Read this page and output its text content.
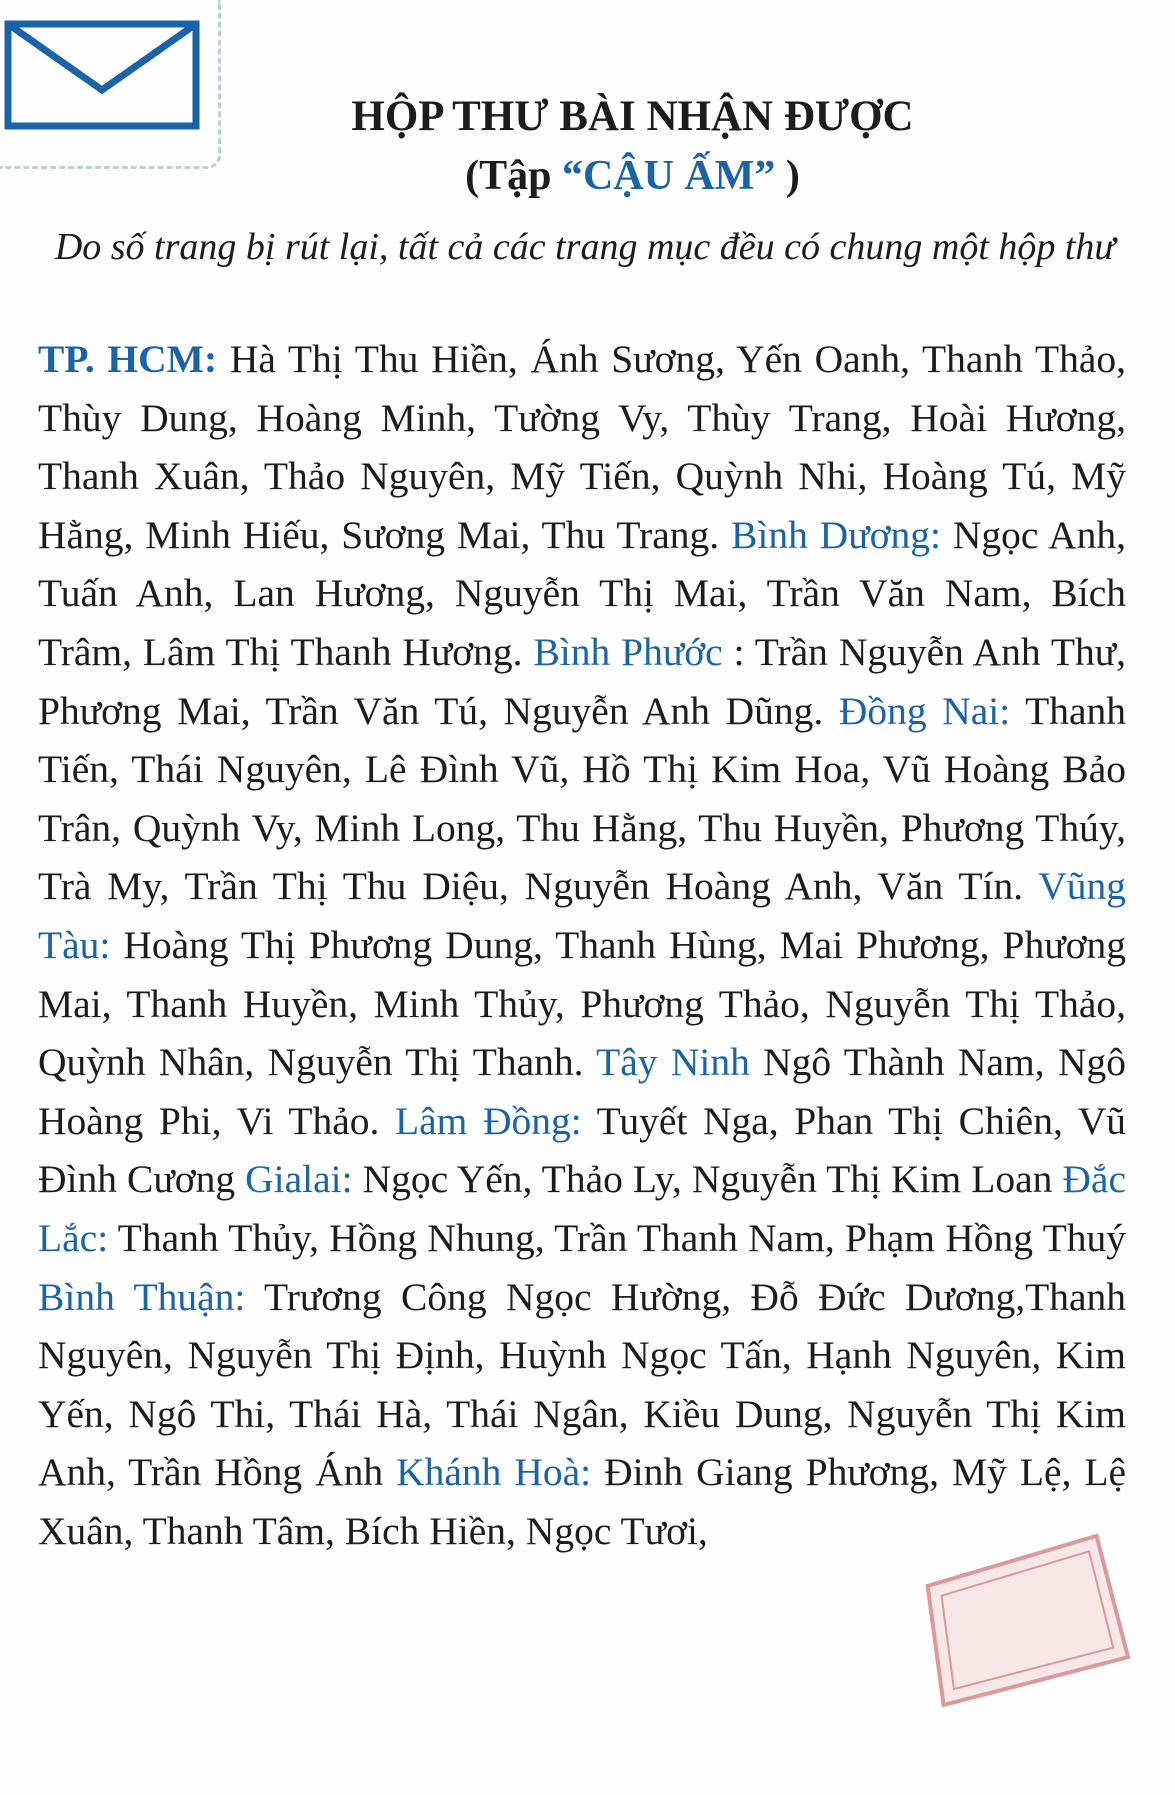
HỘP THƯ BÀI NHẬN ĐƯỢC
(Tập “CẬU ẤM” )
Do số trang bị rút lại, tất cả các trang mục đều có chung một hộp thư
TP. HCM: Hà Thị Thu Hiền, Ánh Sương, Yến Oanh, Thanh Thảo, Thùy Dung, Hoàng Minh, Tường Vy, Thùy Trang, Hoài Hương, Thanh Xuân, Thảo Nguyên, Mỹ Tiến, Quỳnh Nhi, Hoàng Tú, Mỹ Hằng, Minh Hiếu, Sương Mai, Thu Trang. Bình Dương: Ngọc Anh, Tuấn Anh, Lan Hương, Nguyễn Thị Mai, Trần Văn Nam, Bích Trâm, Lâm Thị Thanh Hương. Bình Phước : Trần Nguyễn Anh Thư, Phương Mai, Trần Văn Tú, Nguyễn Anh Dũng. Đồng Nai: Thanh Tiến, Thái Nguyên, Lê Đình Vũ, Hồ Thị Kim Hoa, Vũ Hoàng Bảo Trân, Quỳnh Vy, Minh Long, Thu Hằng, Thu Huyền, Phương Thúy, Trà My, Trần Thị Thu Diệu, Nguyễn Hoàng Anh, Văn Tín. Vũng Tàu: Hoàng Thị Phương Dung, Thanh Hùng, Mai Phương, Phương Mai, Thanh Huyền, Minh Thủy, Phương Thảo, Nguyễn Thị Thảo, Quỳnh Nhân, Nguyễn Thị Thanh. Tây Ninh Ngô Thành Nam, Ngô Hoàng Phi, Vi Thảo. Lâm Đồng: Tuyết Nga, Phan Thị Chiên, Vũ Đình Cương Gialai: Ngọc Yến, Thảo Ly, Nguyễn Thị Kim Loan Đắc Lắc: Thanh Thủy, Hồng Nhung, Trần Thanh Nam, Phạm Hồng Thuý Bình Thuận: Trương Công Ngọc Hường, Đỗ Đức Dương,Thanh Nguyên, Nguyễn Thị Định, Huỳnh Ngọc Tấn, Hạnh Nguyên, Kim Yến, Ngô Thi, Thái Hà, Thái Ngân, Kiều Dung, Nguyễn Thị Kim Anh, Trần Hồng Ánh Khánh Hoà: Đinh Giang Phương, Mỹ Lệ, Lệ Xuân, Thanh Tâm, Bích Hiền, Ngọc Tươi,
